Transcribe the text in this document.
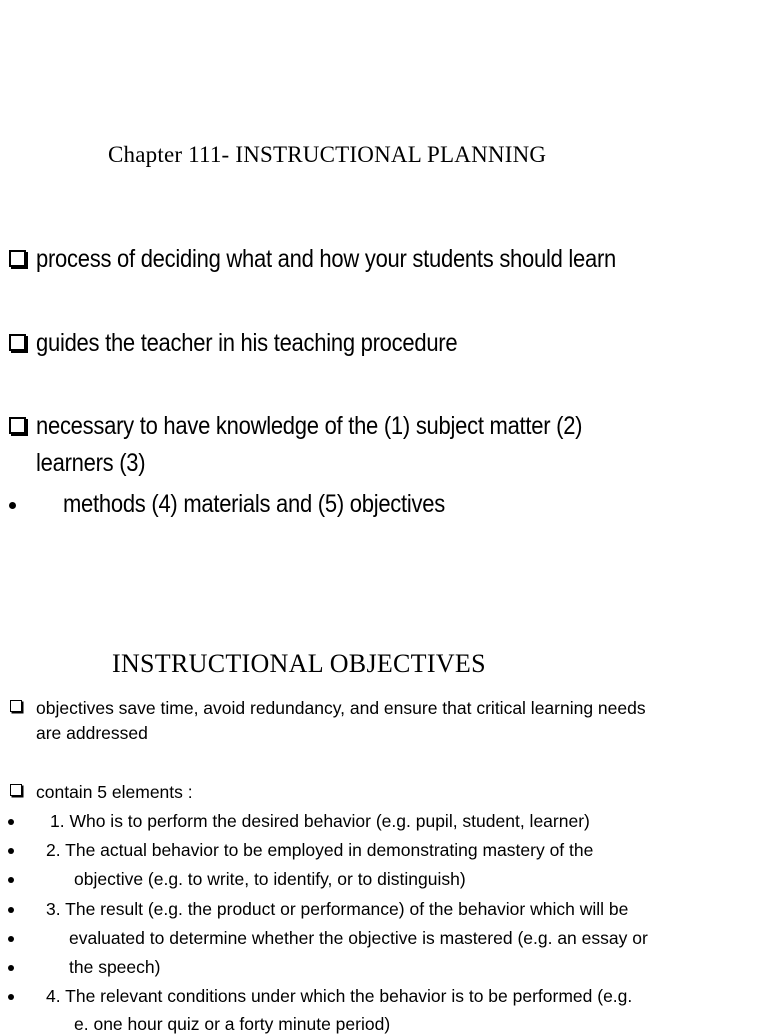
Chapter 111- INSTRUCTIONAL PLANNING
process of deciding what and how your students should learn
guides the teacher in his teaching procedure
necessary to have knowledge of the (1) subject matter (2)
learners (3)
methods (4) materials and (5) objectives
INSTRUCTIONAL OBJECTIVES
objectives save time, avoid redundancy, and ensure that critical learning needs
are addressed
contain 5 elements :
1. Who is to perform the desired behavior (e.g. pupil, student, learner)
2. The actual behavior to be employed in demonstrating mastery of the
objective (e.g. to write, to identify, or to distinguish)
3. The result (e.g. the product or performance) of the behavior which will be
evaluated to determine whether the objective is mastered (e.g. an essay or
the speech)
4. The relevant conditions under which the behavior is to be performed (e.g.
e. one hour quiz or a forty minute period)
